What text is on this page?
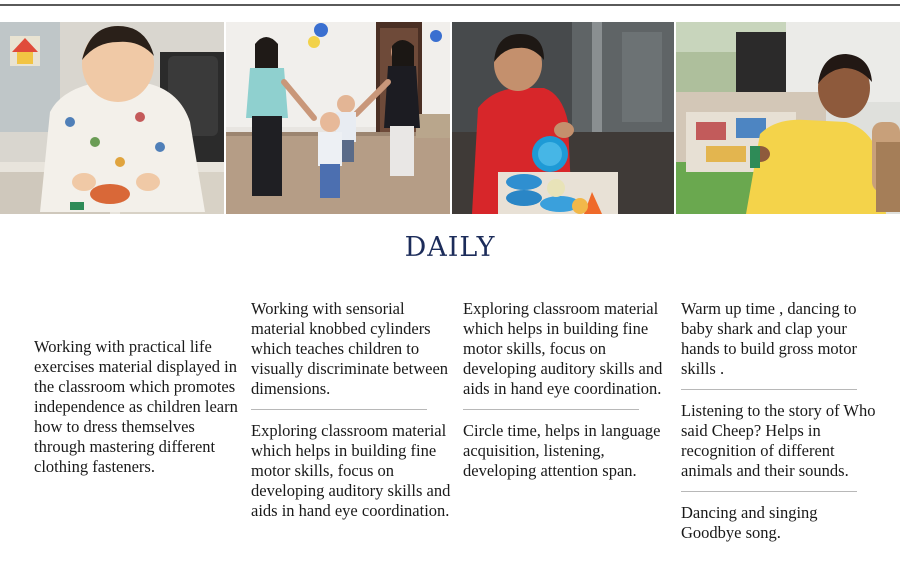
DAILY

Working with practical life exercises material displayed in the classroom which promotes independence as children learn how to dress themselves through mastering different clothing fasteners.

Working with sensorial material knobbed cylinders which teaches children to visually discriminate between dimensions.

Exploring classroom material which helps in building fine motor skills, focus on developing auditory skills and aids in hand eye coordination.

Exploring classroom material which helps in building fine motor skills, focus on developing auditory skills and aids in hand eye coordination.

Circle time, helps in language acquisition, listening, developing attention span.

Warm up time , dancing to baby shark and clap your hands to build gross motor skills .

Listening to the story of Who said Cheep? Helps in recognition of different animals and their sounds.

Dancing and singing Goodbye song.
